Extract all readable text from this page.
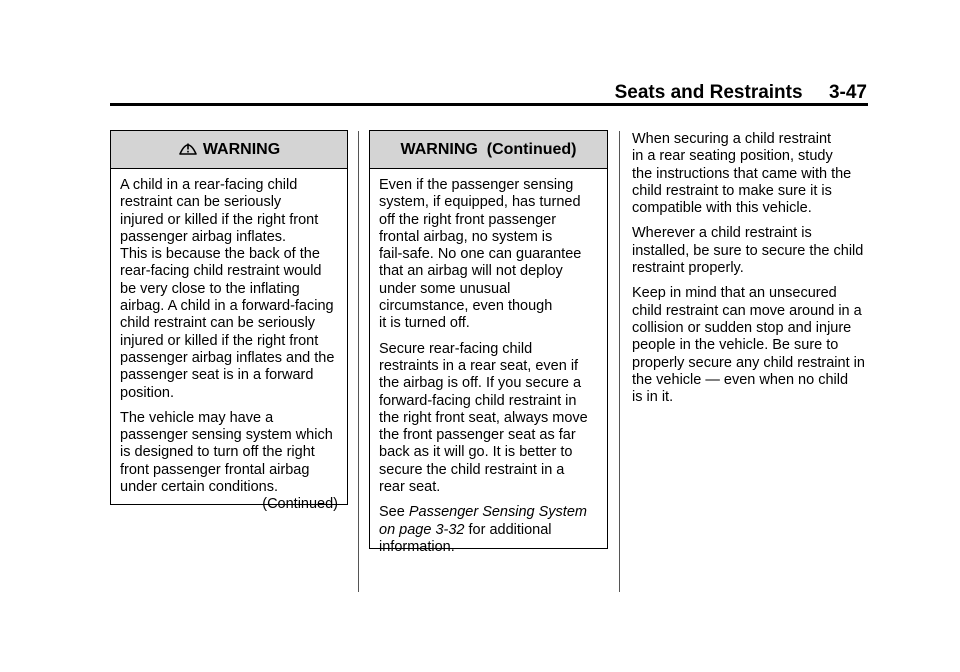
Seats and Restraints 3-47
WARNING

A child in a rear-facing child
restraint can be seriously
injured or killed if the right front
passenger airbag inflates.
This is because the back of the
rear-facing child restraint would
be very close to the inflating
airbag. A child in a forward-facing
child restraint can be seriously
injured or killed if the right front
passenger airbag inflates and the
passenger seat is in a forward
position.

The vehicle may have a
passenger sensing system which
is designed to turn off the right
front passenger frontal airbag
under certain conditions.

(Continued)

WARNING  (Continued)

Even if the passenger sensing
system, if equipped, has turned
off the right front passenger
frontal airbag, no system is
fail-safe. No one can guarantee
that an airbag will not deploy
under some unusual
circumstance, even though
it is turned off.

Secure rear-facing child
restraints in a rear seat, even if
the airbag is off. If you secure a
forward-facing child restraint in
the right front seat, always move
the front passenger seat as far
back as it will go. It is better to
secure the child restraint in a
rear seat.

See Passenger Sensing System
on page 3-32 for additional
information.

When securing a child restraint
in a rear seating position, study
the instructions that came with the
child restraint to make sure it is
compatible with this vehicle.

Wherever a child restraint is
installed, be sure to secure the child
restraint properly.

Keep in mind that an unsecured
child restraint can move around in a
collision or sudden stop and injure
people in the vehicle. Be sure to
properly secure any child restraint in
the vehicle — even when no child
is in it.
